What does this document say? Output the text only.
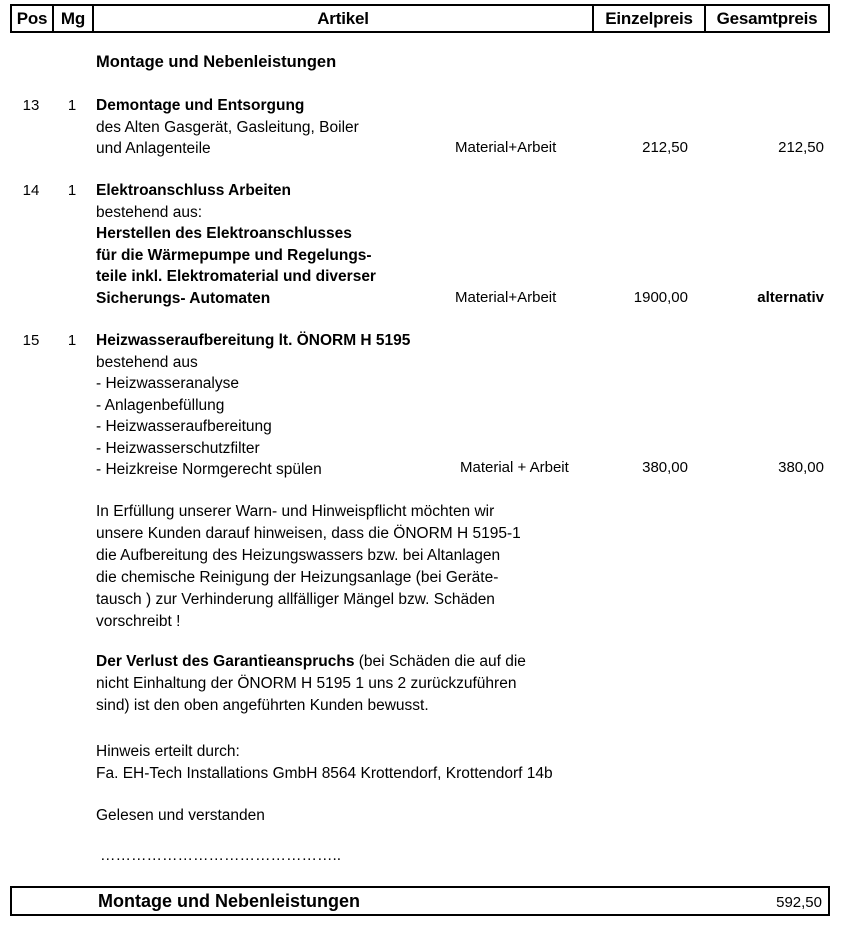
Pos Mg	Artikel	Einzelpreis	Gesamtpreis
Montage und Nebenleistungen
13	1	Demontage und Entsorgung
des Alten Gasgerät, Gasleitung, Boiler
und Anlagenteile	Material+Arbeit	212,50	212,50
14	1	Elektroanschluss Arbeiten
bestehend aus:
Herstellen des Elektroanschlusses
für die Wärmepumpe und Regelungs-
teile inkl. Elektromaterial und diverser
Sicherungs- Automaten	Material+Arbeit	1900,00	alternativ
15	1	Heizwasseraufbereitung lt. ÖNORM H 5195
bestehend aus
- Heizwasseranalyse
- Anlagenbefüllung
- Heizwasseraufbereitung
- Heizwasserschutzfilter
- Heizkreise Normgerecht spülen	Material + Arbeit	380,00	380,00
In Erfüllung unserer Warn- und Hinweispflicht möchten wir
unsere Kunden darauf hinweisen, dass die ÖNORM H 5195-1
die Aufbereitung des Heizungswassers bzw. bei Altanlagen
die chemische Reinigung der Heizungsanlage (bei Geräte-
tausch ) zur Verhinderung allfälliger Mängel bzw. Schäden
vorschreibt !
Der Verlust des Garantieanspruchs (bei Schäden die auf die
nicht Einhaltung der ÖNORM H 5195 1 uns 2 zurückzuführen
sind) ist den oben angeführten Kunden bewusst.
Hinweis erteilt durch:
Fa. EH-Tech Installations GmbH 8564 Krottendorf, Krottendorf 14b
Gelesen und verstanden
………………………………………..
Montage und Nebenleistungen	592,50
